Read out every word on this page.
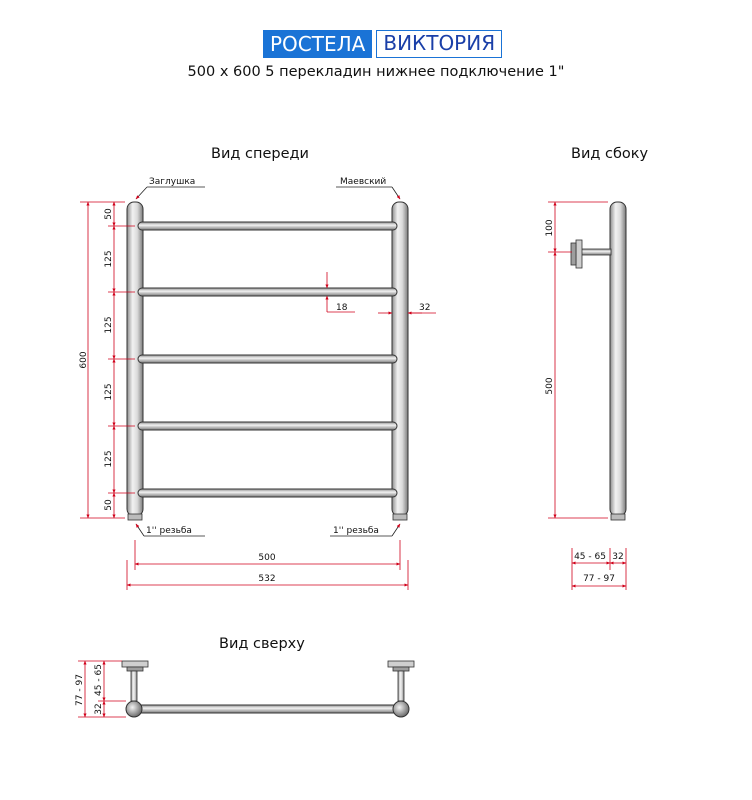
РОСТЕЛА ВИКТОРИЯ
500 х 600 5 перекладин нижнее подключение 1"
Вид спереди
Заглушка	Маевский
1'' резьба	1'' резьба
600
50
125
125
125
125
50
18	32
500
532
Вид сбоку
100
500
45 - 65 32
77 - 97
Вид сверху
77 - 97
32
45 - 65
